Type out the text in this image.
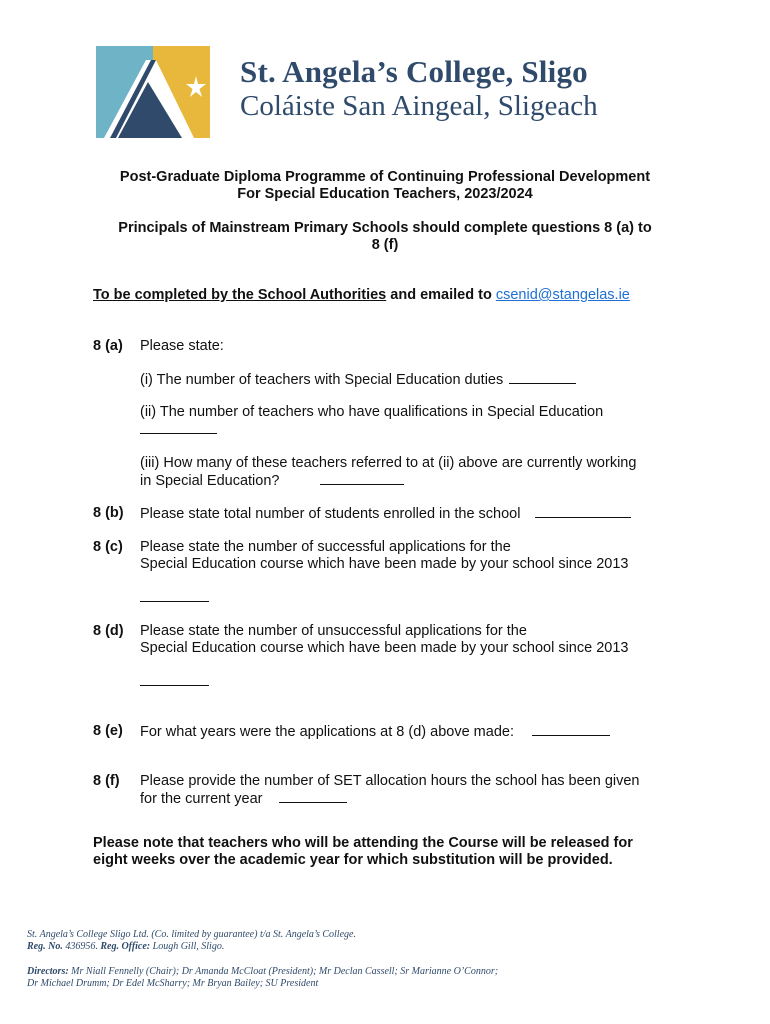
St. Angela’s College, Sligo
Coláiste San Aingeal, Sligeach
Post-Graduate Diploma Programme of Continuing Professional Development
For Special Education Teachers, 2023/2024
Principals of Mainstream Primary Schools should complete questions 8 (a) to
8 (f)
To be completed by the School Authorities and emailed to csenid@stangelas.ie
8 (a) Please state:
(i) The number of teachers with Special Education duties
(ii) The number of teachers who have qualifications in Special Education
(iii) How many of these teachers referred to at (ii) above are currently working
in Special Education?
8 (b) Please state total number of students enrolled in the school
8 (c) Please state the number of successful applications for the
Special Education course which have been made by your school since 2013
8 (d) Please state the number of unsuccessful applications for the
Special Education course which have been made by your school since 2013
8 (e) For what years were the applications at 8 (d) above made:
8 (f) Please provide the number of SET allocation hours the school has been given
for the current year
Please note that teachers who will be attending the Course will be released for
eight weeks over the academic year for which substitution will be provided.
St. Angela’s College Sligo Ltd. (Co. limited by guarantee) t/a St. Angela’s College.
Reg. No. 436956. Reg. Office: Lough Gill, Sligo.
Directors: Mr Niall Fennelly (Chair); Dr Amanda McCloat (President); Mr Declan Cassell; Sr Marianne O’Connor;
Dr Michael Drumm; Dr Edel McSharry; Mr Bryan Bailey; SU President
